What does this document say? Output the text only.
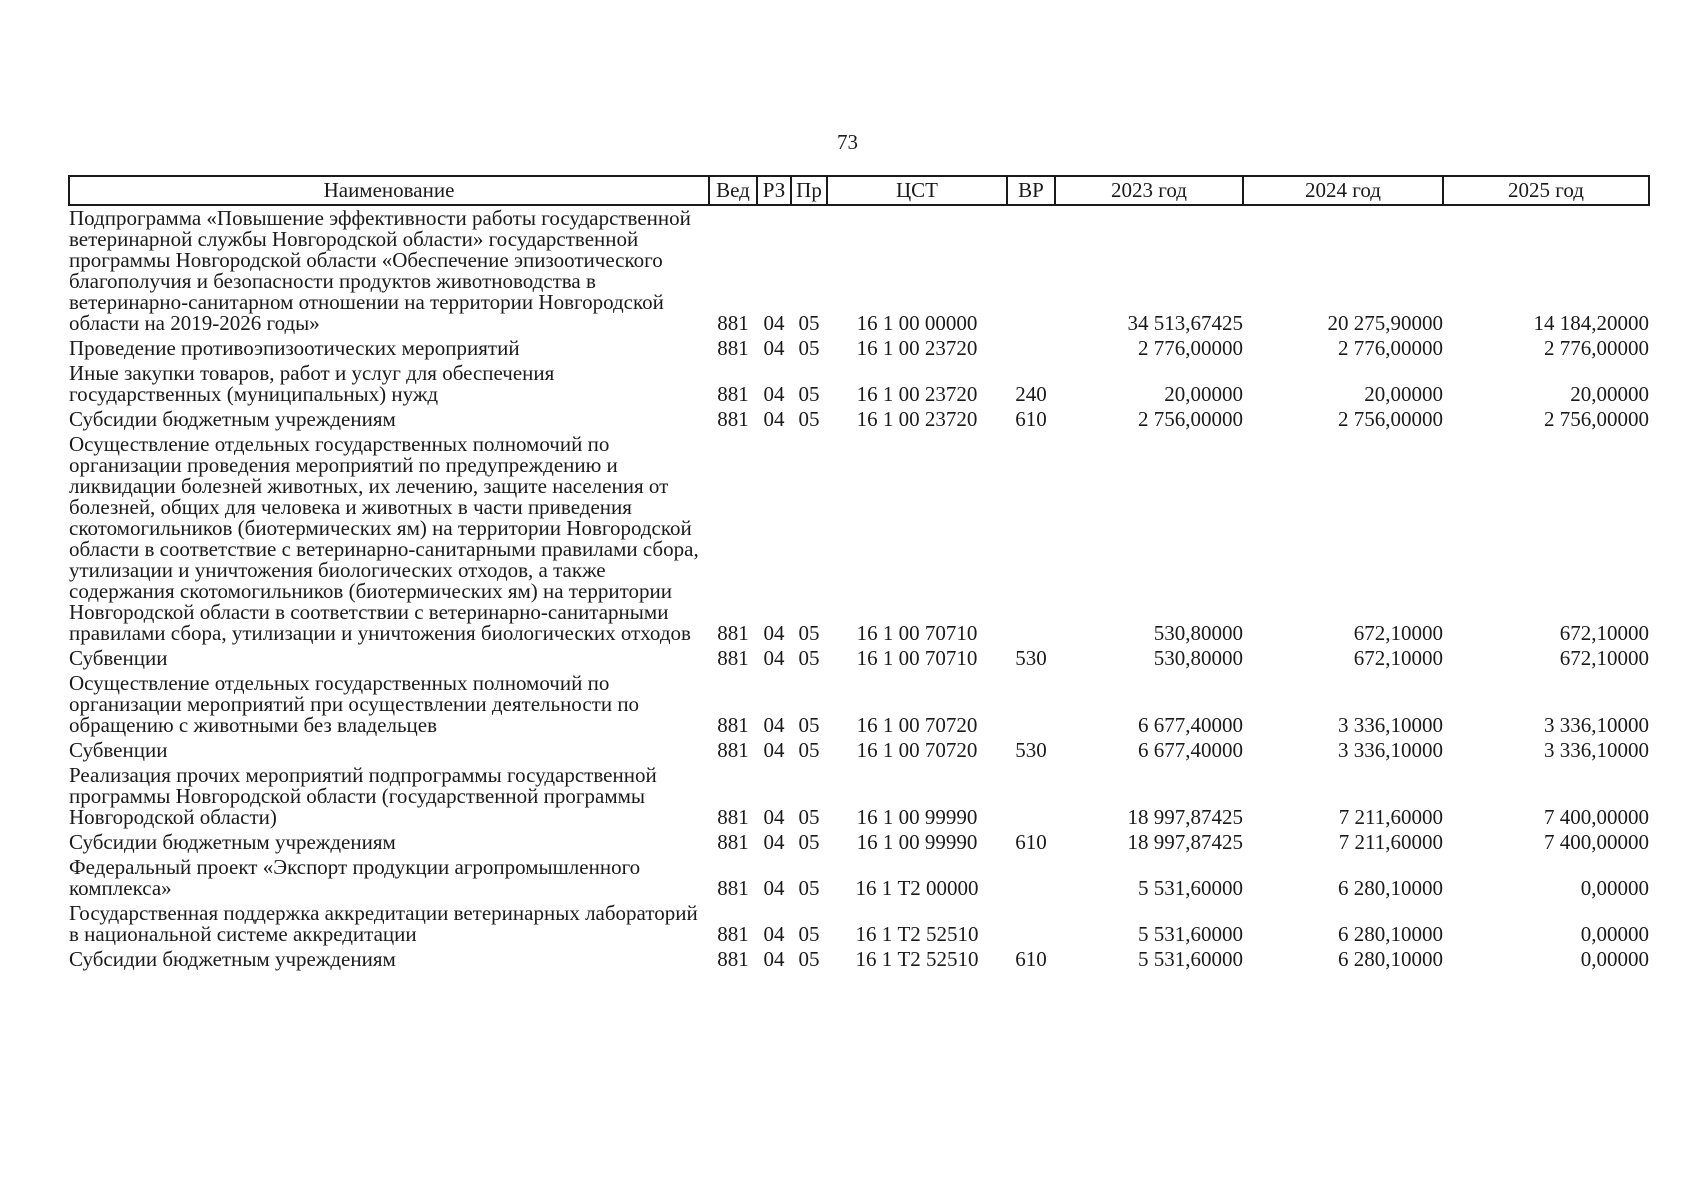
73
Наименование	Вед	РЗ	Пр	ЦСТ	ВР	2023 год	2024 год	2025 год
Подпрограмма «Повышение эффективности работы государственной ветеринарной службы Новгородской области» государственной программы Новгородской области «Обеспечение эпизоотического благополучия и безопасности продуктов животноводства в ветеринарно-санитарном отношении на территории Новгородской области на 2019-2026 годы»	881	04	05	16 1 00 00000		34 513,67425	20 275,90000	14 184,20000
Проведение противоэпизоотических мероприятий	881	04	05	16 1 00 23720		2 776,00000	2 776,00000	2 776,00000
Иные закупки товаров, работ и услуг для обеспечения государственных (муниципальных) нужд	881	04	05	16 1 00 23720	240	20,00000	20,00000	20,00000
Субсидии бюджетным учреждениям	881	04	05	16 1 00 23720	610	2 756,00000	2 756,00000	2 756,00000
Осуществление отдельных государственных полномочий по организации проведения мероприятий по предупреждению и ликвидации болезней животных, их лечению, защите населения от болезней, общих для человека и животных в части приведения скотомогильников (биотермических ям) на территории Новгородской области в соответствие с ветеринарно-санитарными правилами сбора, утилизации и уничтожения биологических отходов, а также содержания скотомогильников (биотермических ям) на территории Новгородской области в соответствии с ветеринарно-санитарными правилами сбора, утилизации и уничтожения биологических отходов	881	04	05	16 1 00 70710		530,80000	672,10000	672,10000
Субвенции	881	04	05	16 1 00 70710	530	530,80000	672,10000	672,10000
Осуществление отдельных государственных полномочий по организации мероприятий при осуществлении деятельности по обращению с животными без владельцев	881	04	05	16 1 00 70720		6 677,40000	3 336,10000	3 336,10000
Субвенции	881	04	05	16 1 00 70720	530	6 677,40000	3 336,10000	3 336,10000
Реализация прочих мероприятий подпрограммы государственной программы Новгородской области (государственной программы Новгородской области)	881	04	05	16 1 00 99990		18 997,87425	7 211,60000	7 400,00000
Субсидии бюджетным учреждениям	881	04	05	16 1 00 99990	610	18 997,87425	7 211,60000	7 400,00000
Федеральный проект «Экспорт продукции агропромышленного комплекса»	881	04	05	16 1 Т2 00000		5 531,60000	6 280,10000	0,00000
Государственная поддержка аккредитации ветеринарных лабораторий в национальной системе аккредитации	881	04	05	16 1 Т2 52510		5 531,60000	6 280,10000	0,00000
Субсидии бюджетным учреждениям	881	04	05	16 1 Т2 52510	610	5 531,60000	6 280,10000	0,00000
